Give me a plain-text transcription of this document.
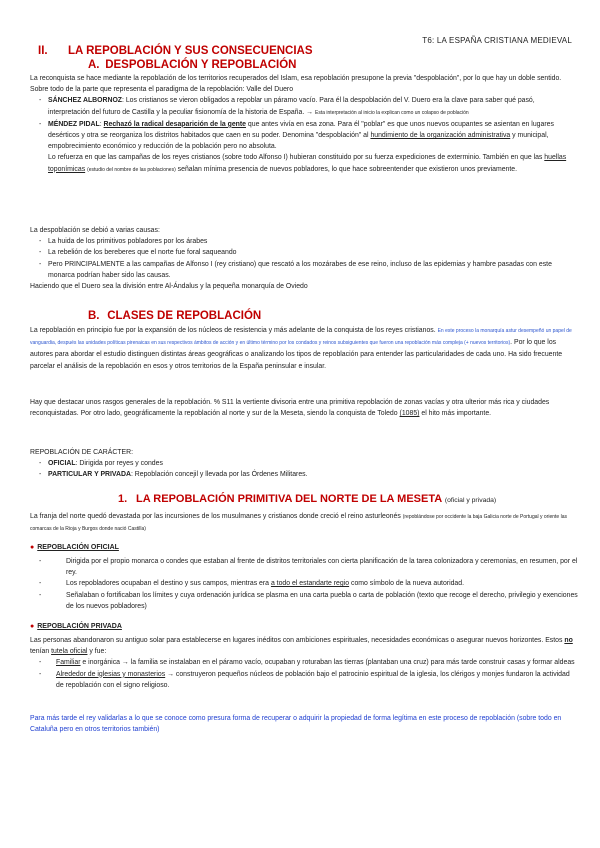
T6: LA ESPAÑA CRISTIANA MEDIEVAL
II. LA REPOBLACIÓN Y SUS CONSECUENCIAS
A. DESPOBLACIÓN Y REPOBLACIÓN

La reconquista se hace mediante la repoblación de los territorios recuperados del Islam, esa repoblación presupone la previa "despoblación", por lo que hay un doble sentido. Sobre todo de la parte que representa el paradigma de la repoblación: Valle del Duero

- SÁNCHEZ ALBORNOZ: Los cristianos se vieron obligados a repoblar un páramo vacío. Para él la despoblación del V. Duero era la clave para saber qué pasó, interpretación del futuro de Castilla y la peculiar fisionomía de la historia de España. → Esta interpretación al inicio la explican como un colapso de población

- MÉNDEZ PIDAL: Rechazó la radical desaparición de la gente que antes vivía en esa zona. Para él "poblar" es que unos nuevos ocupantes se asientan en lugares desérticos y otra se reorganiza los distritos habitados que caen en su poder. Denomina "despoblación" al hundimiento de la organización administrativa y municipal, empobrecimiento económico y reducción de la población pero no absoluta.

Lo refuerza en que las campañas de los reyes cristianos (sobre todo Alfonso I) hubieran constituido por su fuerza expediciones de exterminio. También en que las huellas toponímicas (estudio del nombre de las poblaciones) señalan mínima presencia de nuevos pobladores, lo que hace sobreentender que existieron unos previamente.

La despoblación se debió a varias causas:

- La huida de los primitivos pobladores por los árabes

- La rebelión de los bereberes que el norte fue foral saqueando

- Pero PRINCIPALMENTE a las campañas de Alfonso I (rey cristiano) que rescató a los mozárabes de ese reino, incluso de las epidemias y hambre pasadas con este monarca podrían haber sido las causas.

Haciendo que el Duero sea la división entre Al-Ándalus y la pequeña monarquía de Oviedo

B. CLASES DE REPOBLACIÓN

La repoblación en principio fue por la expansión de los núcleos de resistencia y más adelante de la conquista de los reyes cristianos. En este proceso la monarquía astur desempeñó un papel de vanguardia, después las unidades políticas pirenaicas en sus respectivos ámbitos de acción y en último término por los condados y reinos subsiguientes que fueron una repoblación más compleja (+ nuevos territorios). Por lo que los autores para abordar el estudio distinguen distintas áreas geográficas o analizando los tipos de repoblación para entender las particularidades de cada uno. Ha sido frecuente parcelar el análisis de la repoblación en esos y otros territorios de la España peninsular e insular.

Hay que destacar unos rasgos generales de la repoblación. % S11 la vertiente divisoria entre una primitiva repoblación de zonas vacías y otra ulterior más rica y ciudades reconquistadas. Por otro lado, geográficamente la repoblación al norte y sur de la Meseta, siendo la conquista de Toledo (1085) el hito más importante.

REPOBLACIÓN DE CARÁCTER:

- OFICIAL: Dirigida por reyes y condes

- PARTICULAR Y PRIVADA: Repoblación concejil y llevada por las Órdenes Militares.

1. LA REPOBLACIÓN PRIMITIVA DEL NORTE DE LA MESETA (oficial y privada)

La franja del norte quedó devastada por las incursiones de los musulmanes y cristianos donde creció el reino asturleonés (repoblándose por occidente la baja Galicia norte de Portugal y oriente las comarcas de la Rioja y Burgos donde nació Castilla)

● REPOBLACIÓN OFICIAL

- Dirigida por el propio monarca o condes que estaban al frente de distritos territoriales con cierta planificación de la tarea colonizadora y ceremonias, en resumen, por el rey.

- Los repobladores ocupaban el destino y sus campos, mientras era a todo el estandarte regio como símbolo de la nueva autoridad.

- Señalaban o fortificaban los límites y cuya ordenación jurídica se plasma en una carta puebla o carta de población (texto que recoge el derecho, privilegio y exenciones de los nuevos pobladores)

● REPOBLACIÓN PRIVADA

Las personas abandonaron su antiguo solar para establecerse en lugares inéditos con ambiciones espirituales, necesidades económicas o asegurar nuevos horizontes. Estos no tenían tutela oficial y fue:

- Familiar e inorgánica → la familia se instalaban en el páramo vacío, ocupaban y roturaban las tierras (plantaban una cruz) para más tarde construir casas y formar aldeas

- Alrededor de iglesias y monasterios → construyeron pequeños núcleos de población bajo el patrocinio espiritual de la iglesia, los clérigos y monjes fundaron la actividad de repoblación con el signo religioso.

Para más tarde el rey validarlas a lo que se conoce como presura forma de recuperar o adquirir la propiedad de forma legítima en este proceso de repoblación (sobre todo en Cataluña pero en otros territorios también)
